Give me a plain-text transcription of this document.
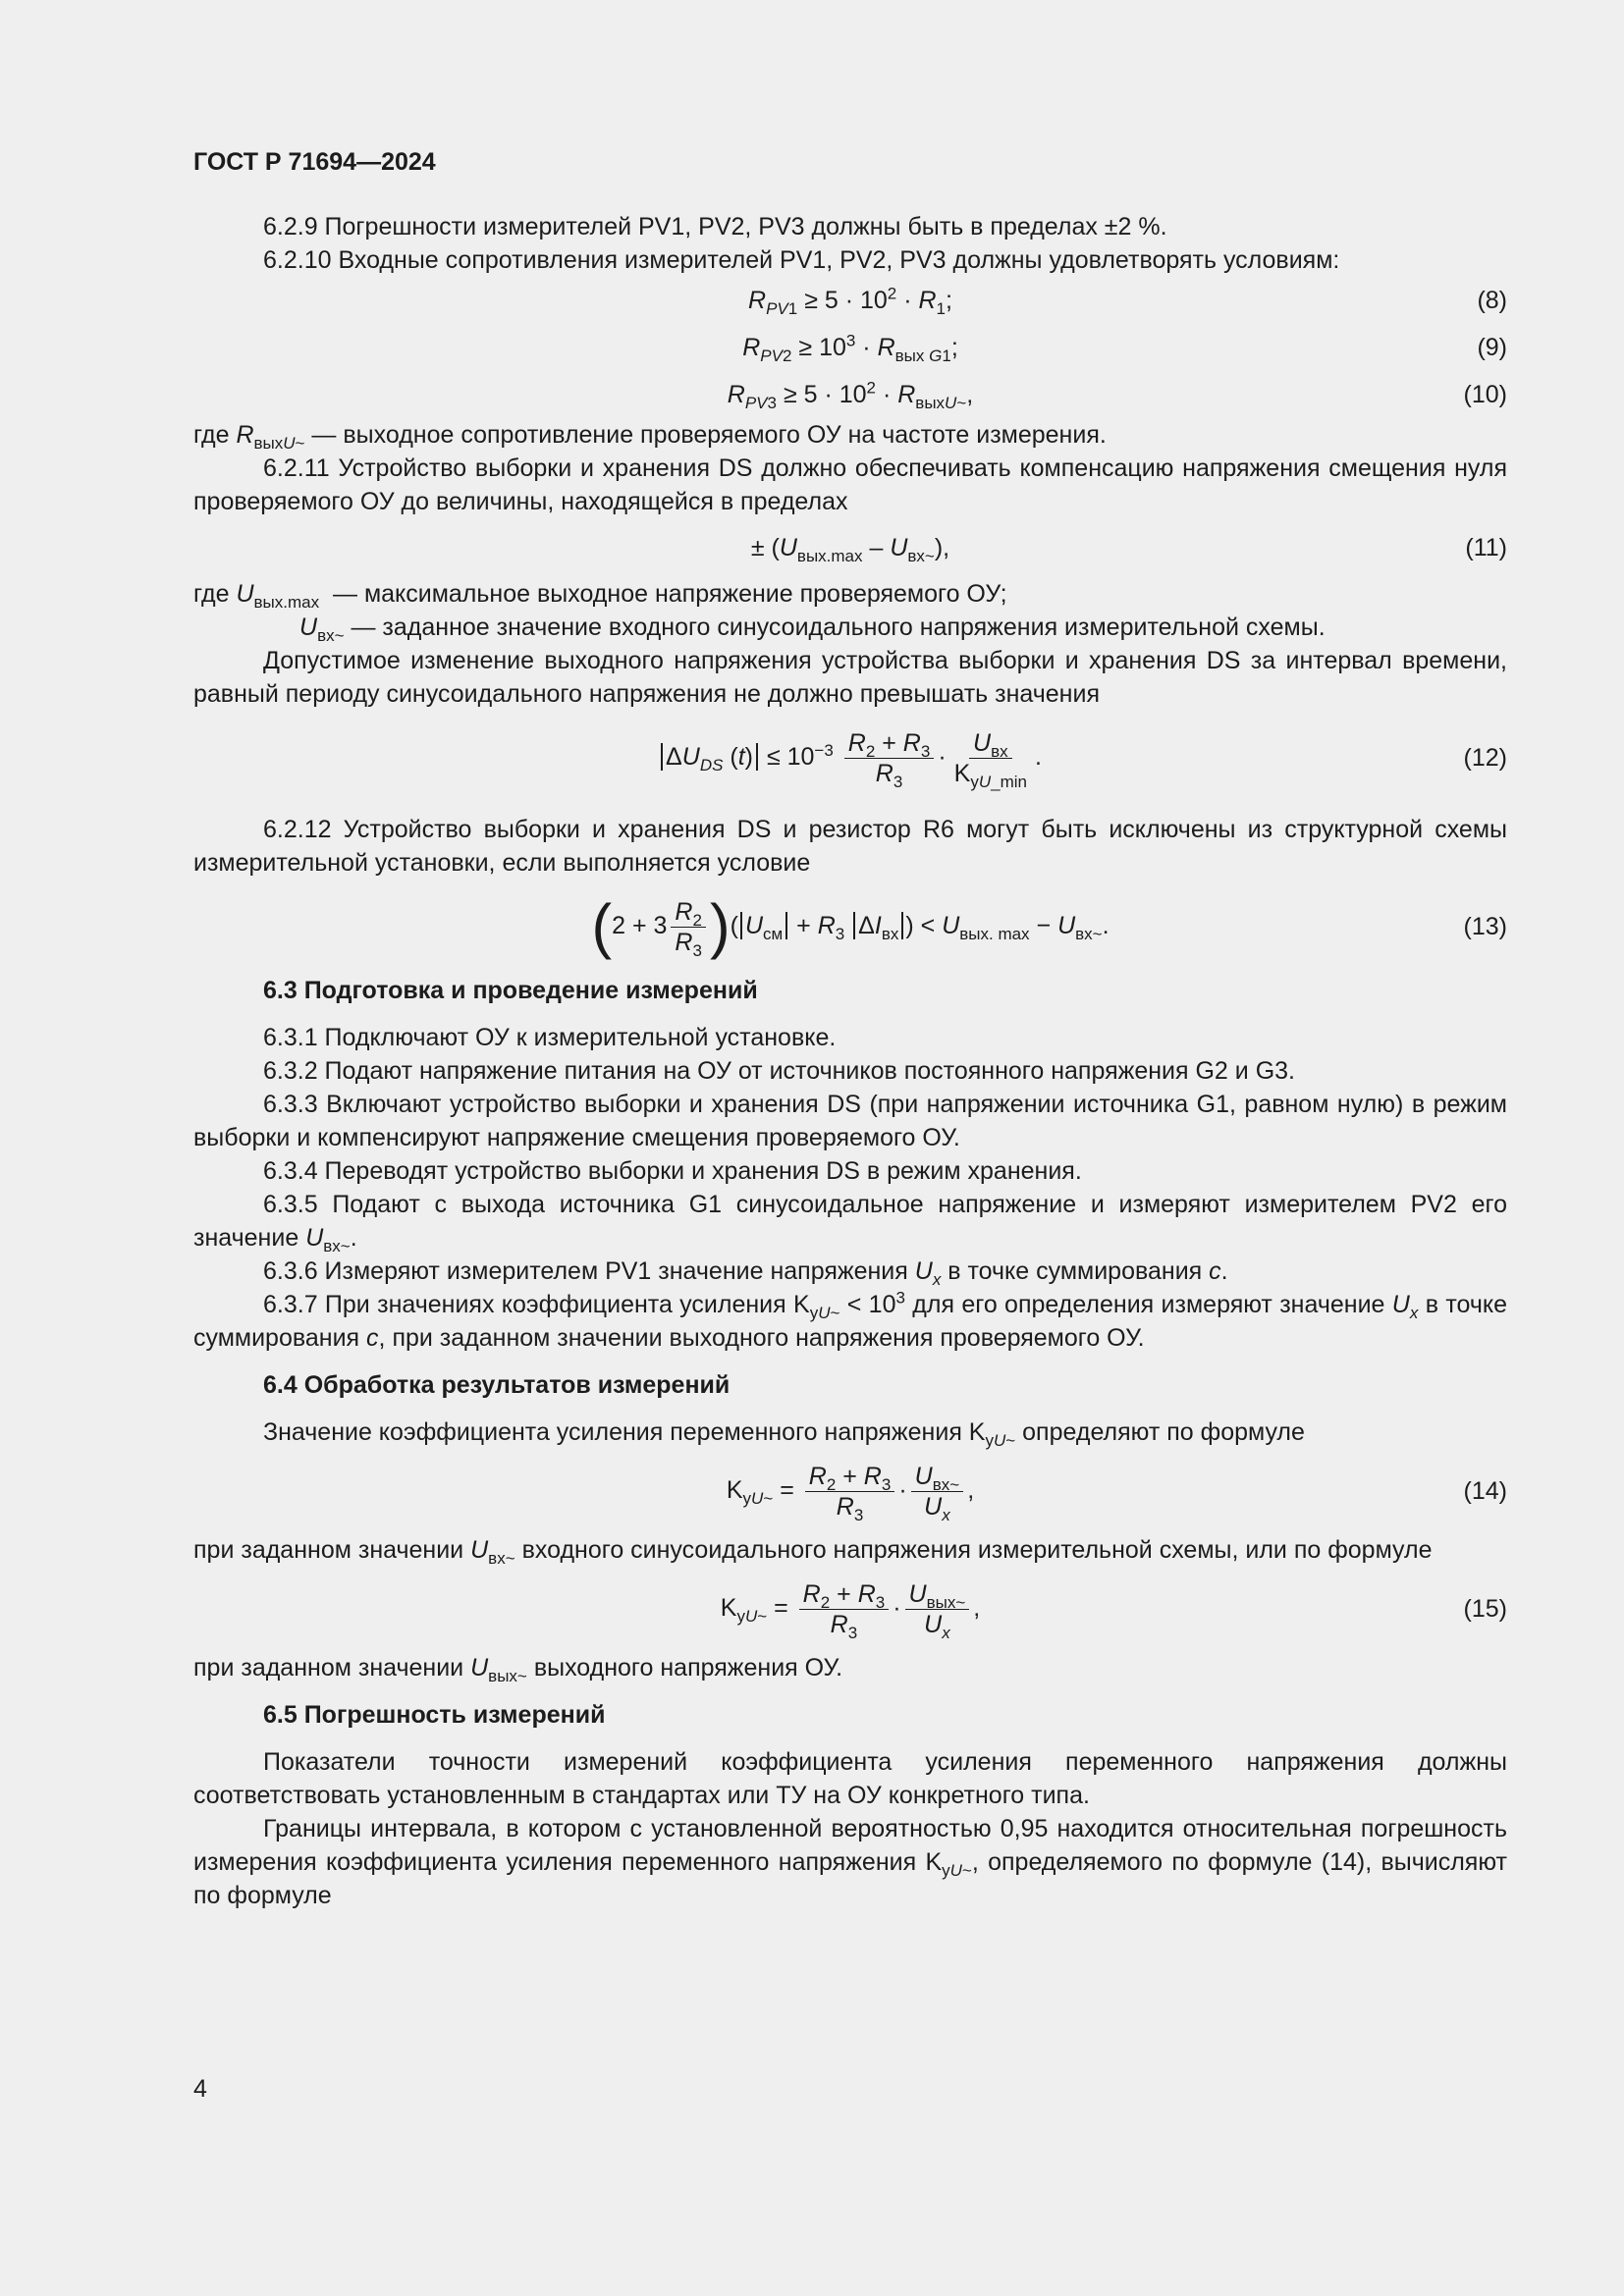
ГОСТ Р 71694—2024

6.2.9 Погрешности измерителей PV1, PV2, PV3 должны быть в пределах ±2 %.

6.2.10 Входные сопротивления измерителей PV1, PV2, PV3 должны удовлетворять условиям:

$R_{PV1} \ge 5 \cdot 10^2 \cdot R_1$;	(8)
$R_{PV2} \ge 10^3 \cdot R_{вых G1}$;	(9)
$R_{PV3} \ge 5 \cdot 10^2 \cdot R_{выхU\sim}$,	(10)

где $R_{выхU\sim}$ — выходное сопротивление проверяемого ОУ на частоте измерения.

6.2.11 Устройство выборки и хранения DS должно обеспечивать компенсацию напряжения смещения нуля проверяемого ОУ до величины, находящейся в пределах

± $(U_{вых.max} - U_{вх\sim})$,	(11)

где $U_{вых.max}$ — максимальное выходное напряжение проверяемого ОУ;

$U_{вх\sim}$ — заданное значение входного синусоидального напряжения измерительной схемы.

Допустимое изменение выходного напряжения устройства выборки и хранения DS за интервал времени, равный периоду синусоидального напряжения не должно превышать значения

$\Delta U_{DS}$ $(t) \le 10^{-3} \frac{R_2 + R_3}{R_3} \cdot \frac{U_{вх}}{K_{уU\_min}}$ .	(12)

6.2.12 Устройство выборки и хранения DS и резистор R6 могут быть исключены из структурной схемы измерительной установки, если выполняется условие

($2 + 3 \frac{R_2}{R_3}$ )( $U_{см} + R_3$ $\Delta I_{вх}$ ) < $U_{вых. max} - U_{вх\sim}$.	(13)
6.3 Подготовка и проведение измерений

6.3.1 Подключают ОУ к измерительной установке.

6.3.2 Подают напряжение питания на ОУ от источников постоянного напряжения G2 и G3.

6.3.3 Включают устройство выборки и хранения DS (при напряжении источника G1, равном нулю) в режим выборки и компенсируют напряжение смещения проверяемого ОУ.

6.3.4 Переводят устройство выборки и хранения DS в режим хранения.

6.3.5 Подают с выхода источника G1 синусоидальное напряжение и измеряют измерителем PV2 его значение $U_{вх\sim}$.

6.3.6 Измеряют измерителем PV1 значение напряжения $U_x$ в точке суммирования c.

6.3.7 При значениях коэффициента усиления $K_{уU\sim} < 10^3$ для его определения измеряют значение $U_x$ в точке суммирования c, при заданном значении выходного напряжения проверяемого ОУ.

6.4 Обработка результатов измерений

Значение коэффициента усиления переменного напряжения $K_{уU\sim}$ определяют по формуле

$K_{уU\sim} = \frac{R_2 + R_3}{R_3} \cdot \frac{U_{вх\sim}}{U_x}$ ,	(14)

при заданном значении $U_{вх\sim}$ входного синусоидального напряжения измерительной схемы, или по формуле

$K_{уU\sim} = \frac{R_2 + R_3}{R_3} \cdot \frac{U_{вых\sim}}{U_x}$ ,	(15)

при заданном значении $U_{вых\sim}$ выходного напряжения ОУ.

6.5 Погрешность измерений

Показатели точности измерений коэффициента усиления переменного напряжения должны соответствовать установленным в стандартах или ТУ на ОУ конкретного типа.

Границы интервала, в котором с установленной вероятностью 0,95 находится относительная погрешность измерения коэффициента усиления переменного напряжения $K_{уU\sim}$, определяемого по формуле (14), вычисляют по формуле

4
